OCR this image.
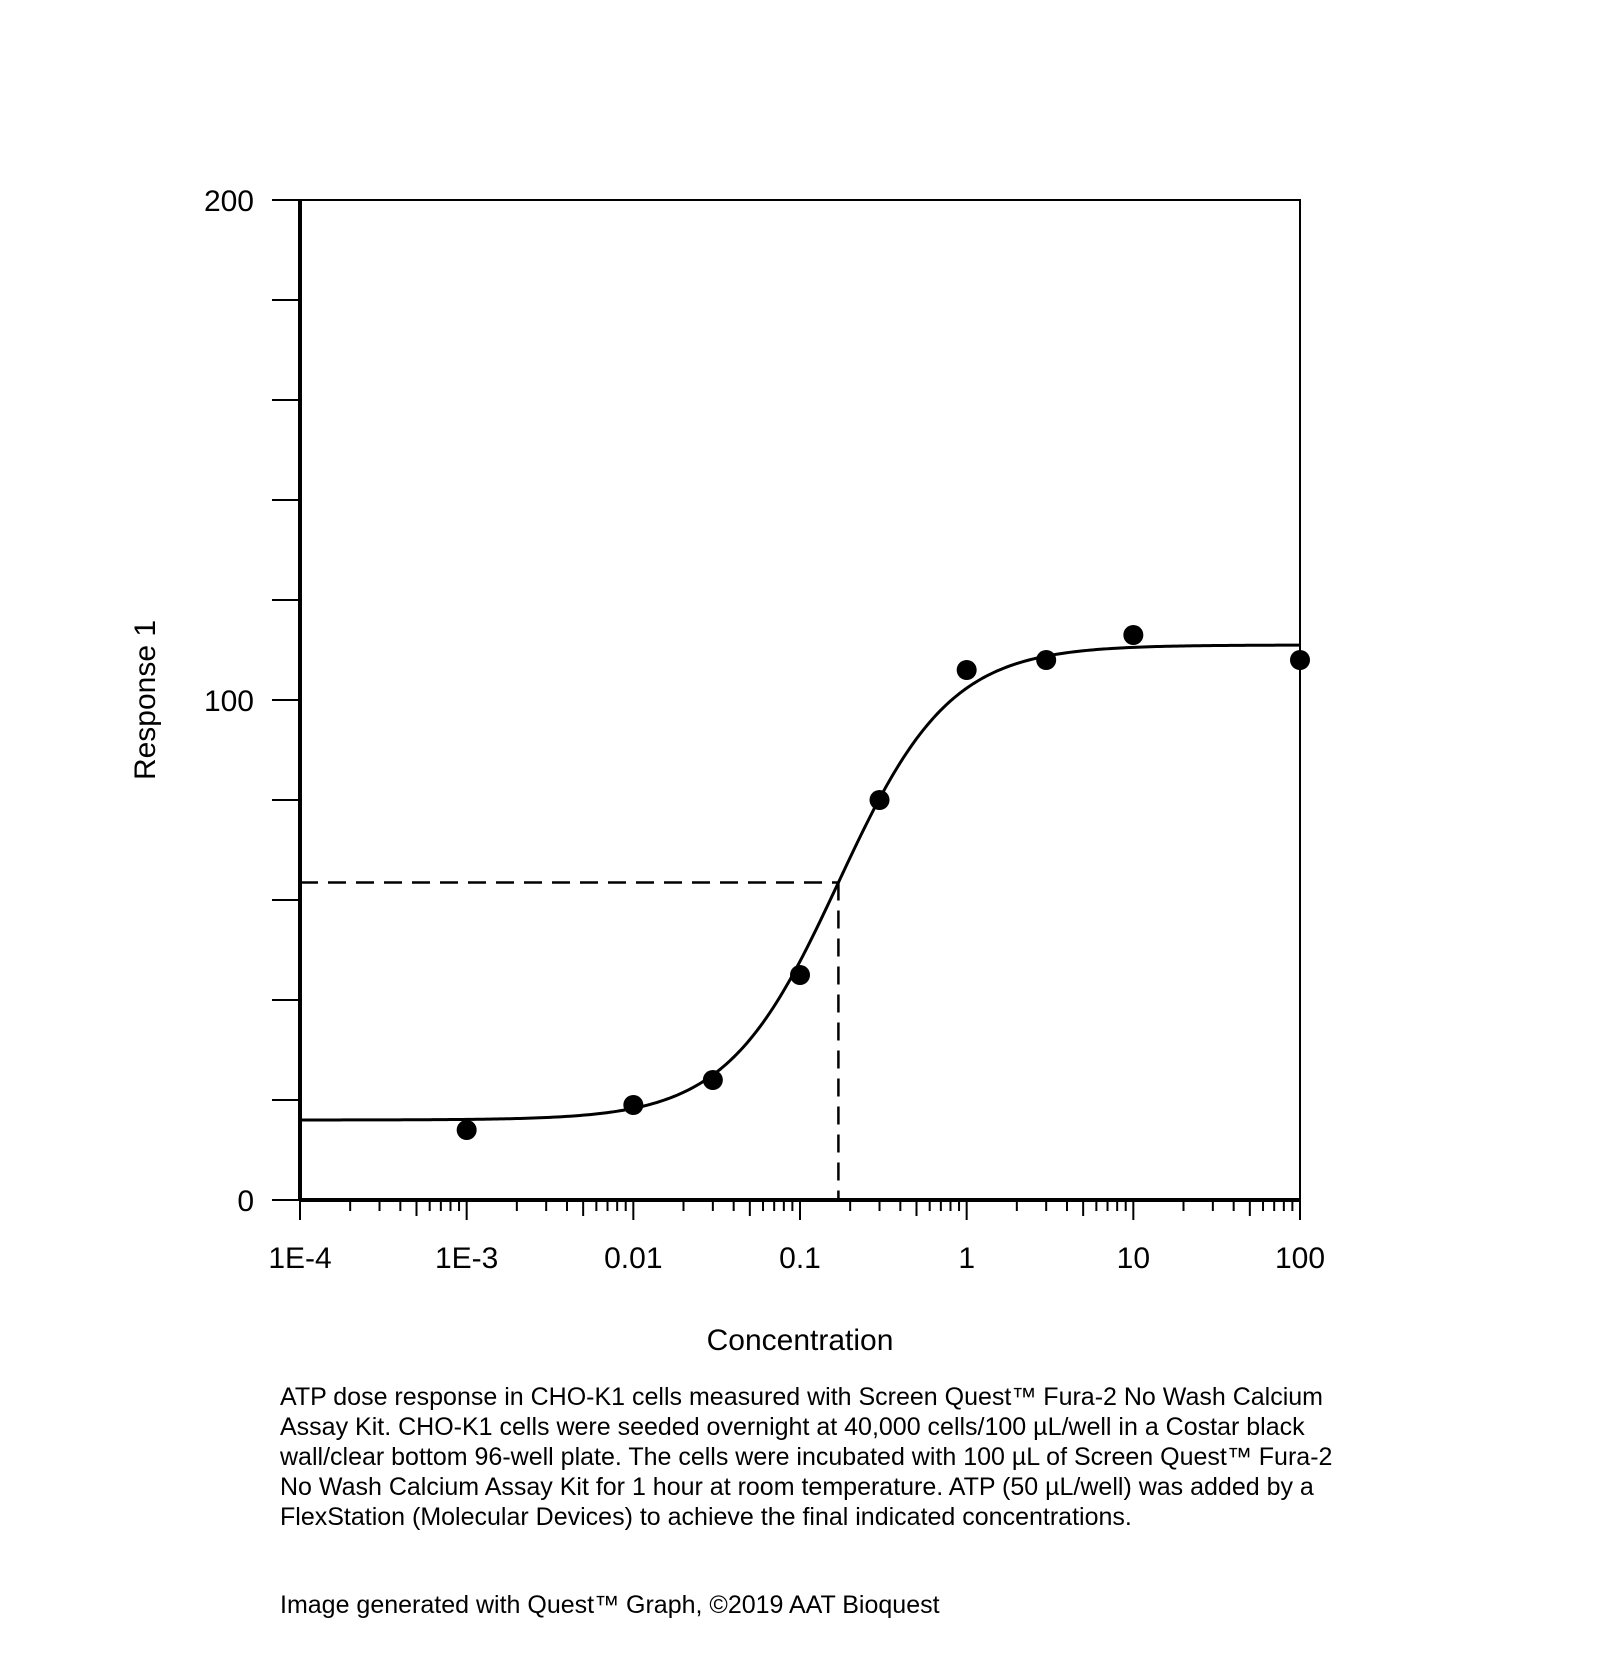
1E-4	1E-3	0.01	0.1	1	10	100
0
100
200
Concentration
Response 1
ATP dose response in CHO-K1 cells measured with Screen Quest™ Fura-2 No Wash Calcium Assay Kit. CHO-K1 cells were seeded overnight at 40,000 cells/100 µL/well in a Costar black wall/clear bottom 96-well plate. The cells were incubated with 100 µL of Screen Quest™ Fura-2 No Wash Calcium Assay Kit for 1 hour at room temperature. ATP (50 µL/well) was added by a FlexStation (Molecular Devices) to achieve the final indicated concentrations.
Image generated with Quest™ Graph, ©2019 AAT Bioquest
